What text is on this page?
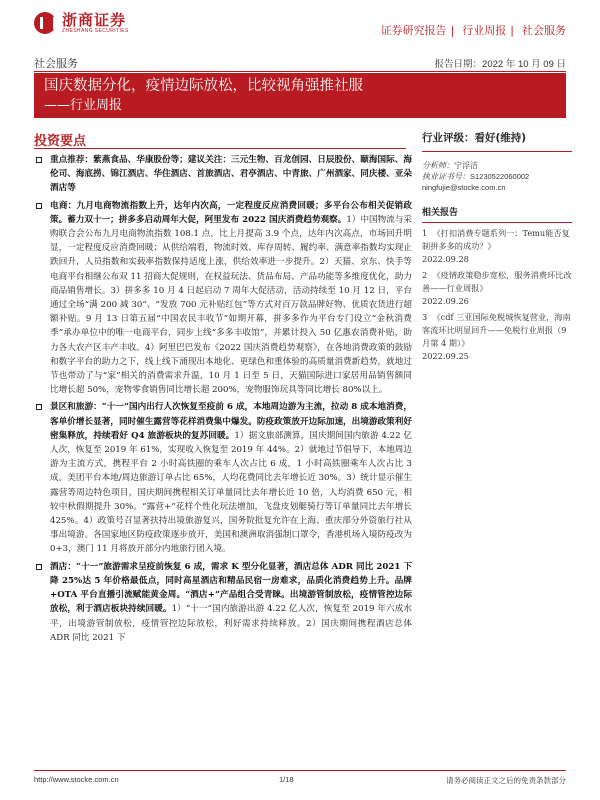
浙商证券
ZHESHANG SECURITIES	证券研究报告 | 行业周报 | 社会服务
社会服务	报告日期：2022 年 10 月 09 日
国庆数据分化，疫情边际放松，比较视角强推社服
——行业周报
投资要点
重点推荐：紫燕食品、华康股份等；建议关注：三元生物、百龙创园、日辰股份、颐海国际、海伦司、海底捞、锦江酒店、华住酒店、首旅酒店、君亭酒店、中青旅、广州酒家、同庆楼、亚朵酒店等
电商：九月电商物流指数上升，达年内次高，一定程度反应消费回暖；多平台公布相关促销政策。蓄力双十一；拼多多启动周年大促，阿里发布 2022 国庆消费趋势观察。1）中国物流与采购联合会公布九月电商物流指数 108.1 点，比上月提高 3.9 个点，达年内次高点，市场回升明显，一定程度反应消费回暖；从供给端看，物流时效、库存周转、履约率、满意率指数均实现止跌回升，人员指数和实载率指数保持适度上涨，供给效率进一步提升。2）天猫、京东、快手等电商平台相继公布双 11 招商大促规则，在权益玩法、货品布局、产品功能等多维度优化，助力商品销售增长。3）拼多多 10 月 4 日起启动 7 周年大促活动，活动持续至 10 月 12 日，平台通过全场“满 200 减 30”、“发放 700 元补贴红包”等方式对百万款品牌好物、优质农货进行超额补贴。9 月 13 日第五届“中国农民丰收节”如期开幕，拼多多作为平台专门设立“金秋消费季”承办单位中的唯一电商平台，同步上线“多多丰收馆”，并累计投入 50 亿惠农消费补贴，助力各大农产区丰产丰收。4）阿里巴巴发布《2022 国庆消费趋势观察》，在各地消费政策的鼓励和数字平台的助力之下，线上线下涌现出本地化、更绿色和重体验的高质量消费新趋势，就地过节也带动了与“家”相关的消费需求升温，10 月 1 日至 5 日，天猫国际进口家居用品销售额同比增长超 50%，宠物零食销售同比增长超 200%，宠物服饰玩具等同比增长 80%以上。
景区和旅游：“十一”国内出行人次恢复至疫前 6 成，本地周边游为主流，拉动 8 成本地消费，客单价增长显著，同时催生露营等花样消费集中爆发。防疫政策放开边际加速，出境游政策利好密集释放，持续看好 Q4 旅游板块的复苏回暖。1）据文旅部测算，国庆期间国内旅游 4.22 亿人次，恢复至 2019 年 61%，实现收入恢复至 2019 年 44%。2）就地过节倡导下，本地周边游为主流方式，携程平台 2 小时高铁圈的乘车人次占比 6 成，1 小时高铁圈乘车人次占比 3 成。美团平台本地/周边旅游订单占比 65%，人均花费同比去年增长近 30%。3）统计显示催生露营等周边特色项目，国庆期间携程相关订单量同比去年增长近 10 倍，人均消费 650 元，相较中秋假期提升 30%。“露营+”花样个性化玩法增加，飞盘皮划艇骑行等订单量同比去年增长 425%。4）政策号召显著扶持出境旅游复兴，国务院批复允许在上海、重庆部分外资旅行社从事出境游。各国家地区防疫政策逐步放开，美国和澳洲取消强制口罩令，香港机场入境防疫改为 0+3，澳门 11 月将放开部分内地旅行团入境。
酒店：“十一”旅游需求呈疫前恢复 6 成，需求 K 型分化显著，酒店总体 ADR 同比 2021 下降 25%达 5 年价格最低点，同时高星酒店和精品民宿一房难求，品质化消费趋势上升。品牌+OTA 平台直播引流赋能黄金周。“酒店+”产品组合受青睐。出境游管制放松，疫情管控边际放松，利于酒店板块持续回暖。1）“十一”国内旅游出游 4.22 亿人次，恢复至 2019 年六成水平，出境游管制放松，疫情管控边际放松，利好需求持续释放。2）国庆期间携程酒店总体 ADR 同比 2021 下
行业评级：看好(维持)
分析师：宁浮洁
执业证书号：S1230522060002
ningfujie@stocke.com.cn
相关报告
1 《打扣消费专题系列一：Temu能否复制拼多多的成功？》
2022.09.28
2 《疫情政策稳步宽松，服务消费环比改善——行业周报》
2022.09.26
3 《cdf 三亚国际免税城恢复营业，海南客流环比明显回升——免税行业周报（9 月第 4 期）》
2022.09.25
http://www.stocke.com.cn	1/18	请务必阅读正文之后的免责条款部分
